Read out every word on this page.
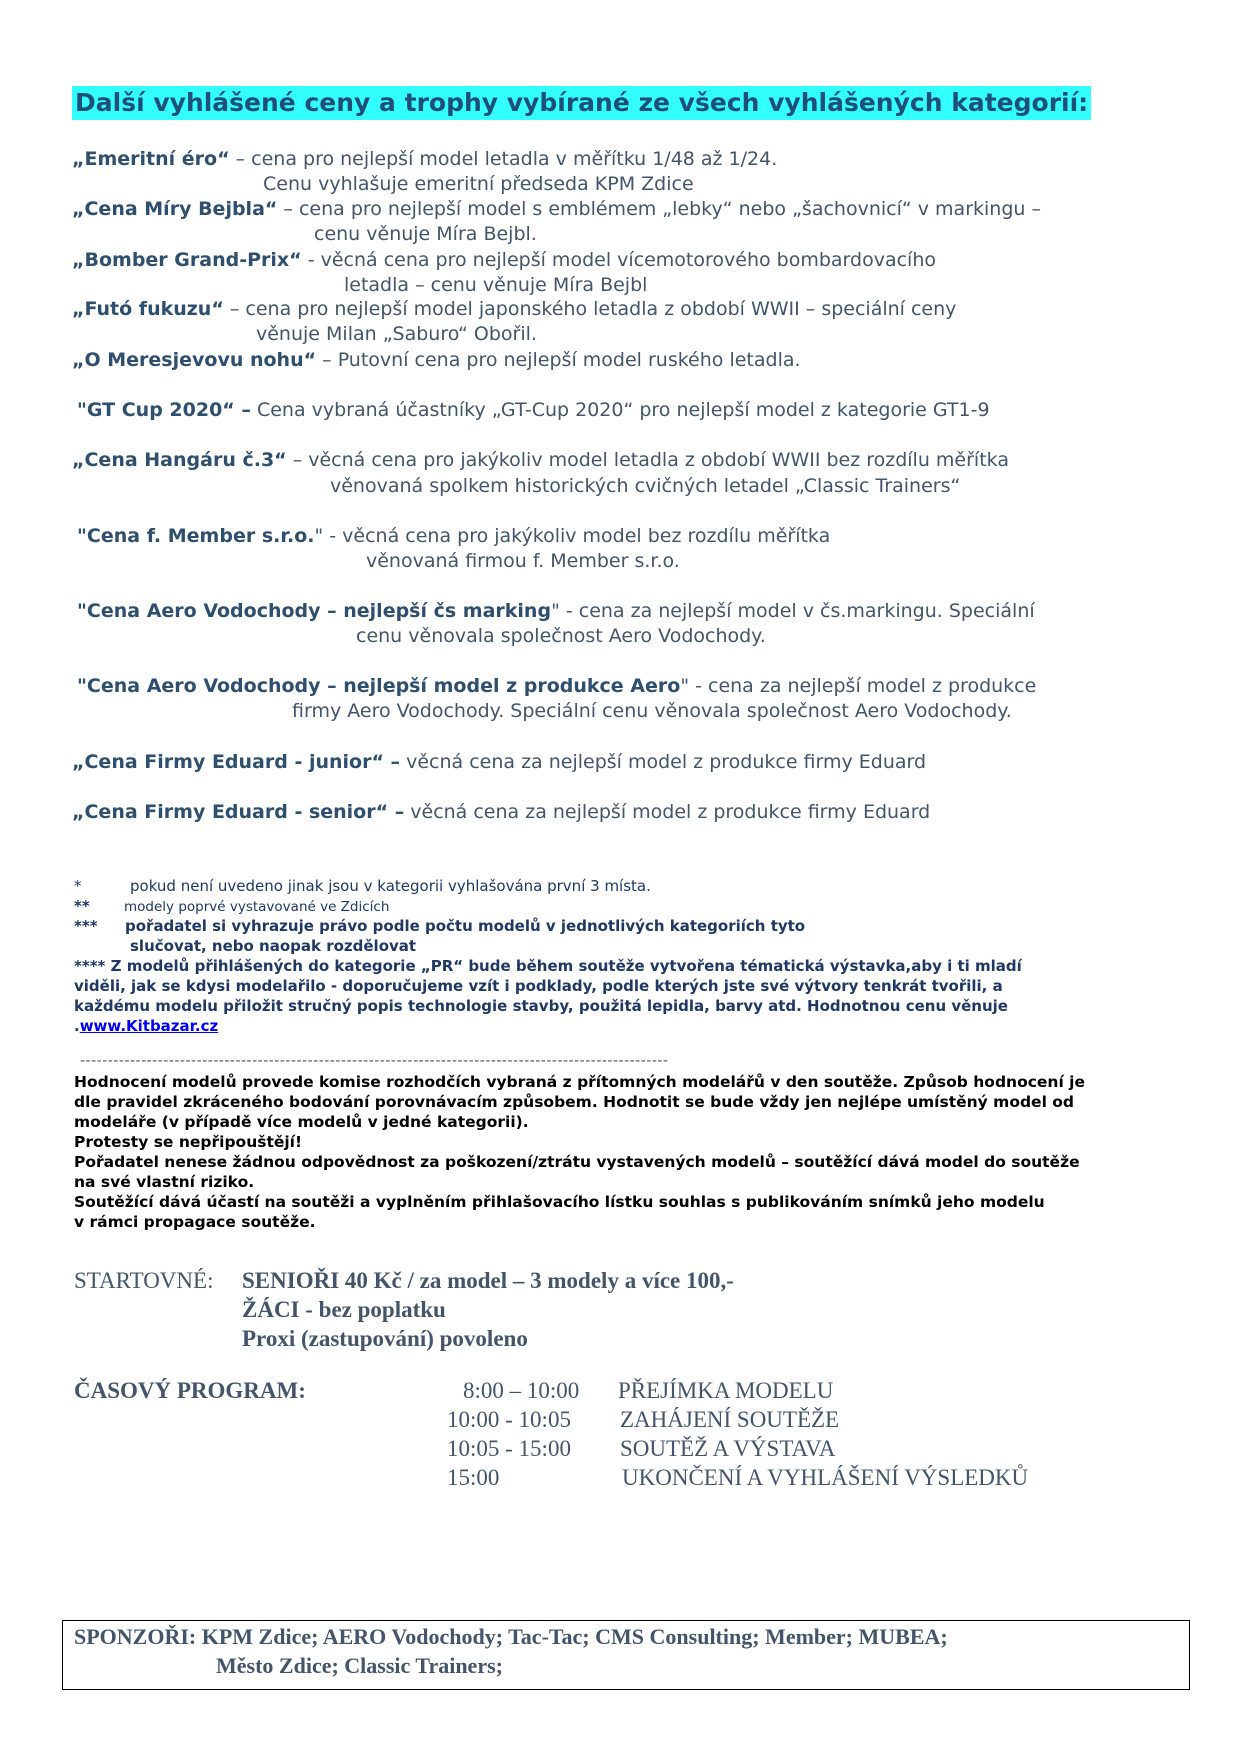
Další vyhlášené ceny a trophy vybírané ze všech vyhlášených kategorií:
„Emeritní éro“ – cena pro nejlepší model letadla v měřítku 1/48 až 1/24.
Cenu vyhlašuje emeritní předseda KPM Zdice
„Cena Míry Bejbla“ – cena pro nejlepší model s emblémem „lebky“ nebo „šachovnicí“ v markingu –
cenu věnuje Míra Bejbl.
„Bomber Grand-Prix“ - věcná cena pro nejlepší model vícemotorového bombardovacího
letadla – cenu věnuje Míra Bejbl
„Futó fukuzu“ – cena pro nejlepší model japonského letadla z období WWII – speciální ceny
věnuje Milan „Saburo“ Obořil.
„O Meresjevovu nohu“ – Putovní cena pro nejlepší model ruského letadla.
"GT Cup 2020“ – Cena vybraná účastníky „GT-Cup 2020“ pro nejlepší model z kategorie GT1-9
„Cena Hangáru č.3“ – věcná cena pro jakýkoliv model letadla z období WWII bez rozdílu měřítka
věnovaná spolkem historických cvičných letadel „Classic Trainers“
"Cena f. Member s.r.o." - věcná cena pro jakýkoliv model bez rozdílu měřítka
věnovaná firmou f. Member s.r.o.
"Cena Aero Vodochody – nejlepší čs marking" - cena za nejlepší model v čs.markingu. Speciální
cenu věnovala společnost Aero Vodochody.
"Cena Aero Vodochody – nejlepší model z produkce Aero" - cena za nejlepší model z produkce
firmy Aero Vodochody. Speciální cenu věnovala společnost Aero Vodochody.
„Cena Firmy Eduard - junior“ – věcná cena za nejlepší model z produkce firmy Eduard
„Cena Firmy Eduard - senior“ – věcná cena za nejlepší model z produkce firmy Eduard
*	pokud není uvedeno jinak jsou v kategorii vyhlašována první 3 místa.
**	modely poprvé vystavované ve Zdicích
*** pořadatel si vyhrazuje právo podle počtu modelů v jednotlivých kategoriích tyto
slučovat, nebo naopak rozdělovat
**** Z modelů přihlášených do kategorie „PR“ bude během soutěže vytvořena tématická výstavka,aby i ti mladí
viděli, jak se kdysi modelařilo - doporučujeme vzít i podklady, podle kterých jste své výtvory tenkrát tvořili, a
každému modelu přiložit stručný popis technologie stavby, použitá lepidla, barvy atd. Hodnotnou cenu věnuje
.www.Kitbazar.cz
----------------------------------------------------------------------------------------------------------
Hodnocení modelů provede komise rozhodčích vybraná z přítomných modelářů v den soutěže. Způsob hodnocení je
dle pravidel zkráceného bodování porovnávacím způsobem. Hodnotit se bude vždy jen nejlépe umístěný model od
modeláře (v případě více modelů v jedné kategorii).
Protesty se nepřipouštějí!
Pořadatel nenese žádnou odpovědnost za poškození/ztrátu vystavených modelů – soutěžící dává model do soutěže
na své vlastní riziko.
Soutěžící dává účastí na soutěži a vyplněním přihlašovacího lístku souhlas s publikováním snímků jeho modelu
v rámci propagace soutěže.
STARTOVNÉ: SENIOŘI 40 Kč / za model – 3 modely a více 100,-
ŽÁCI - bez poplatku
Proxi (zastupování) povoleno
ČASOVÝ PROGRAM:	8:00 – 10:00 PŘEJÍMKA MODELU
10:00 - 10:05 ZAHÁJENÍ SOUTĚŽE
10:05 - 15:00 SOUTĚŽ A VÝSTAVA
15:00	UKONČENÍ A VYHLÁŠENÍ VÝSLEDKŮ
SPONZOŘI: KPM Zdice; AERO Vodochody; Tac-Tac; CMS Consulting; Member; MUBEA;
Město Zdice; Classic Trainers;
